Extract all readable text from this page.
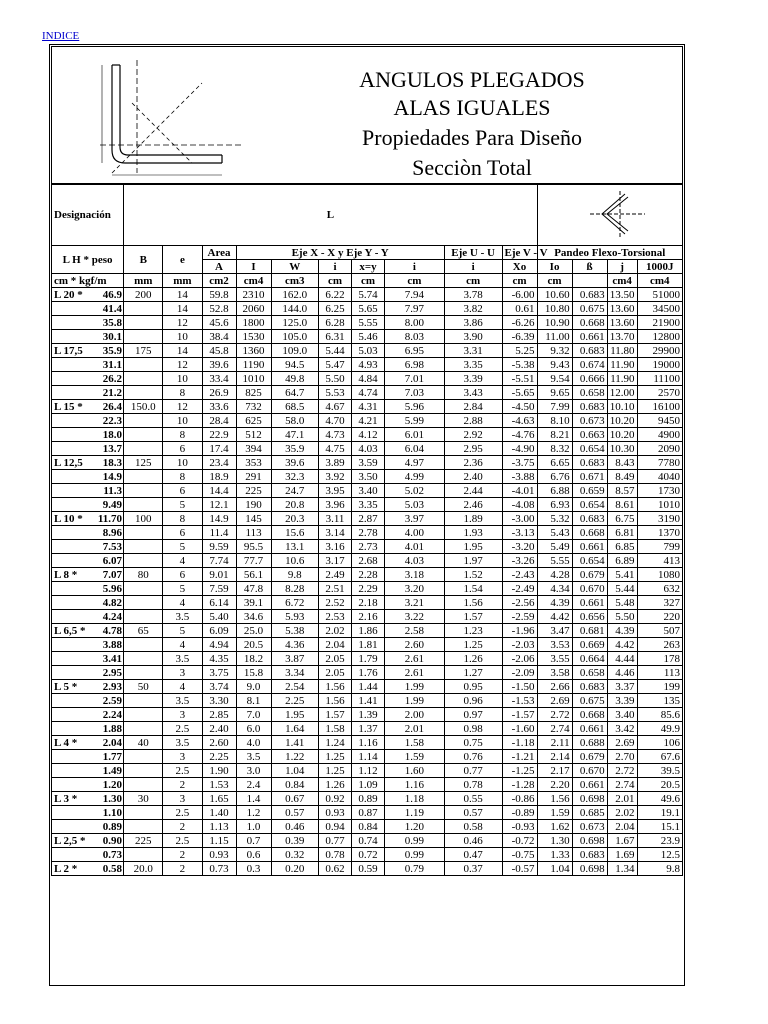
INDICE
ANGULOS PLEGADOS
ALAS IGUALES
Propiedades Para Diseño
Secciòn Total
Designación	L	
L H * peso	B	e	Area	Eje X - X y Eje Y - Y					Eje U - U	Eje V - V	Pandeo Flexo-Torsional			
			A	I	W	i	x=y	i	i	Xo	Io	ß	j	1000J
cm * kgf/m	mm	mm	cm2	cm4	cm3	cm	cm	cm	cm	cm	cm		cm4	cm4
L 20 * 46.9	200	14	59.8	2310	162.0	6.22	5.74	7.94	3.78	-6.00	10.60	0.683	13.50	51000
41.4		14	52.8	2060	144.0	6.25	5.65	7.97	3.82	0.61	10.80	0.675	13.60	34500
35.8		12	45.6	1800	125.0	6.28	5.55	8.00	3.86	-6.26	10.90	0.668	13.60	21900
30.1		10	38.4	1530	105.0	6.31	5.46	8.03	3.90	-6.39	11.00	0.661	13.70	12800
L 17,5 35.9	175	14	45.8	1360	109.0	5.44	5.03	6.95	3.31	5.25	9.32	0.683	11.80	29900
31.1		12	39.6	1190	94.5	5.47	4.93	6.98	3.35	-5.38	9.43	0.674	11.90	19000
26.2		10	33.4	1010	49.8	5.50	4.84	7.01	3.39	-5.51	9.54	0.666	11.90	11100
21.2		8	26.9	825	64.7	5.53	4.74	7.03	3.43	-5.65	9.65	0.658	12.00	2570
L 15 * 26.4	150.0	12	33.6	732	68.5	4.67	4.31	5.96	2.84	-4.50	7.99	0.683	10.10	16100
22.3		10	28.4	625	58.0	4.70	4.21	5.99	2.88	-4.63	8.10	0.673	10.20	9450
18.0		8	22.9	512	47.1	4.73	4.12	6.01	2.92	-4.76	8.21	0.663	10.20	4900
13.7		6	17.4	394	35.9	4.75	4.03	6.04	2.95	-4.90	8.32	0.654	10.30	2090
L 12,5 18.3	125	10	23.4	353	39.6	3.89	3.59	4.97	2.36	-3.75	6.65	0.683	8.43	7780
14.9		8	18.9	291	32.3	3.92	3.50	4.99	2.40	-3.88	6.76	0.671	8.49	4040
11.3		6	14.4	225	24.7	3.95	3.40	5.02	2.44	-4.01	6.88	0.659	8.57	1730
9.49		5	12.1	190	20.8	3.96	3.35	5.03	2.46	-4.08	6.93	0.654	8.61	1010
L 10 * 11.70	100	8	14.9	145	20.3	3.11	2.87	3.97	1.89	-3.00	5.32	0.683	6.75	3190
8.96		6	11.4	113	15.6	3.14	2.78	4.00	1.93	-3.13	5.43	0.668	6.81	1370
7.53		5	9.59	95.5	13.1	3.16	2.73	4.01	1.95	-3.20	5.49	0.661	6.85	799
6.07		4	7.74	77.7	10.6	3.17	2.68	4.03	1.97	-3.26	5.55	0.654	6.89	413
L 8 * 7.07	80	6	9.01	56.1	9.8	2.49	2.28	3.18	1.52	-2.43	4.28	0.679	5.41	1080
5.96		5	7.59	47.8	8.28	2.51	2.29	3.20	1.54	-2.49	4.34	0.670	5.44	632
4.82		4	6.14	39.1	6.72	2.52	2.18	3.21	1.56	-2.56	4.39	0.661	5.48	327
4.24		3.5	5.40	34.6	5.93	2.53	2.16	3.22	1.57	-2.59	4.42	0.656	5.50	220
L 6,5 * 4.78	65	5	6.09	25.0	5.38	2.02	1.86	2.58	1.23	-1.96	3.47	0.681	4.39	507
3.88		4	4.94	20.5	4.36	2.04	1.81	2.60	1.25	-2.03	3.53	0.669	4.42	263
3.41		3.5	4.35	18.2	3.87	2.05	1.79	2.61	1.26	-2.06	3.55	0.664	4.44	178
2.95		3	3.75	15.8	3.34	2.05	1.76	2.61	1.27	-2.09	3.58	0.658	4.46	113
L 5 * 2.93	50	4	3.74	9.0	2.54	1.56	1.44	1.99	0.95	-1.50	2.66	0.683	3.37	199
2.59		3.5	3.30	8.1	2.25	1.56	1.41	1.99	0.96	-1.53	2.69	0.675	3.39	135
2.24		3	2.85	7.0	1.95	1.57	1.39	2.00	0.97	-1.57	2.72	0.668	3.40	85.6
1.88		2.5	2.40	6.0	1.64	1.58	1.37	2.01	0.98	-1.60	2.74	0.661	3.42	49.9
L 4 * 2.04	40	3.5	2.60	4.0	1.41	1.24	1.16	1.58	0.75	-1.18	2.11	0.688	2.69	106
1.77		3	2.25	3.5	1.22	1.25	1.14	1.59	0.76	-1.21	2.14	0.679	2.70	67.6
1.49		2.5	1.90	3.0	1.04	1.25	1.12	1.60	0.77	-1.25	2.17	0.670	2.72	39.5
1.20		2	1.53	2.4	0.84	1.26	1.09	1.16	0.78	-1.28	2.20	0.661	2.74	20.5
L 3 * 1.30	30	3	1.65	1.4	0.67	0.92	0.89	1.18	0.55	-0.86	1.56	0.698	2.01	49.6
1.10		2.5	1.40	1.2	0.57	0.93	0.87	1.19	0.57	-0.89	1.59	0.685	2.02	19.1
0.89		2	1.13	1.0	0.46	0.94	0.84	1.20	0.58	-0.93	1.62	0.673	2.04	15.1
L 2,5 * 0.90	225	2.5	1.15	0.7	0.39	0.77	0.74	0.99	0.46	-0.72	1.30	0.698	1.67	23.9
0.73		2	0.93	0.6	0.32	0.78	0.72	0.99	0.47	-0.75	1.33	0.683	1.69	12.5
L 2 * 0.58	20.0	2	0.73	0.3	0.20	0.62	0.59	0.79	0.37	-0.57	1.04	0.698	1.34	9.8
